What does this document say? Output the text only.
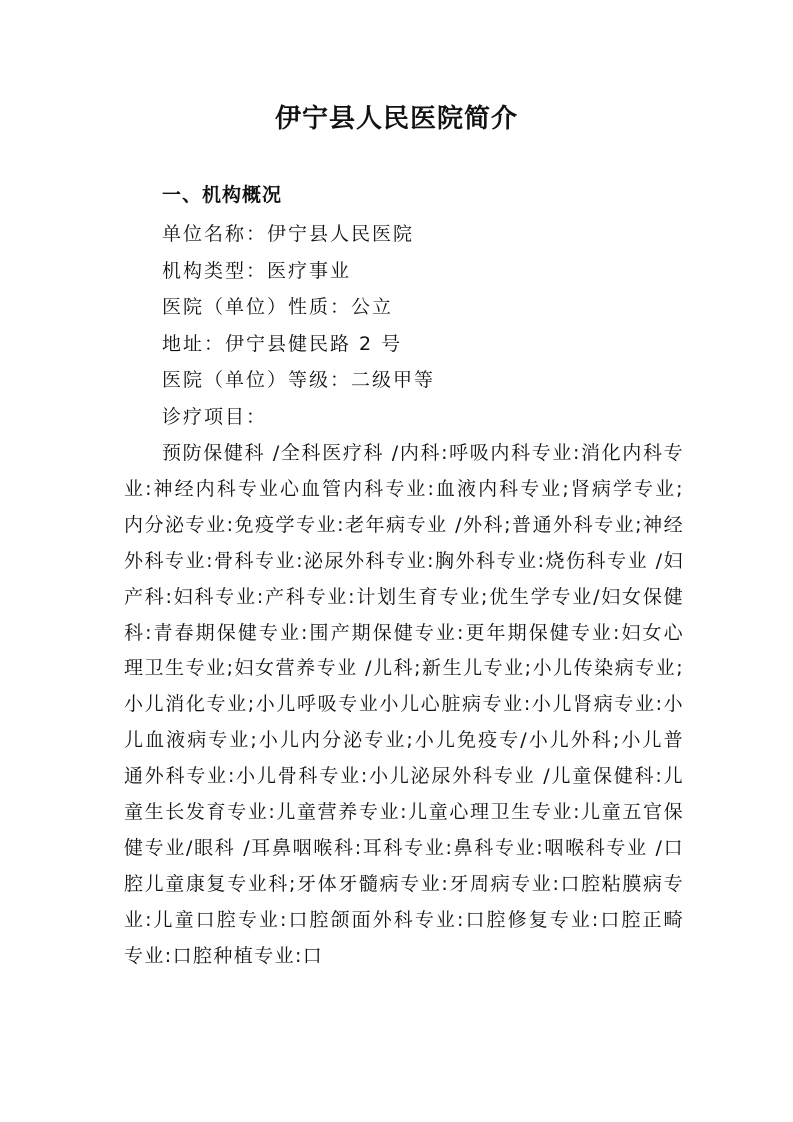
伊宁县人民医院简介
一、机构概况
单位名称：伊宁县人民医院
机构类型：医疗事业
医院（单位）性质：公立
地址：伊宁县健民路 2 号
医院（单位）等级：二级甲等
诊疗项目：

预防保健科 /全科医疗科 /内科:呼吸内科专业:消化内科专业:神经内科专业心血管内科专业:血液内科专业;肾病学专业;内分泌专业:免疫学专业:老年病专业 /外科;普通外科专业;神经外科专业:骨科专业:泌尿外科专业:胸外科专业:烧伤科专业 /妇产科:妇科专业:产科专业:计划生育专业;优生学专业/妇女保健科:青春期保健专业:围产期保健专业:更年期保健专业:妇女心理卫生专业;妇女营养专业 /儿科;新生儿专业;小儿传染病专业;小儿消化专业;小儿呼吸专业小儿心脏病专业:小儿肾病专业:小儿血液病专业;小儿内分泌专业;小儿免疫专/小儿外科;小儿普通外科专业:小儿骨科专业:小儿泌尿外科专业 /儿童保健科:儿童生长发育专业:儿童营养专业:儿童心理卫生专业:儿童五官保健专业/眼科 /耳鼻咽喉科:耳科专业:鼻科专业:咽喉科专业 /口腔儿童康复专业科;牙体牙髓病专业:牙周病专业:口腔粘膜病专业:儿童口腔专业:口腔颌面外科专业:口腔修复专业:口腔正畸专业:口腔种植专业:口
